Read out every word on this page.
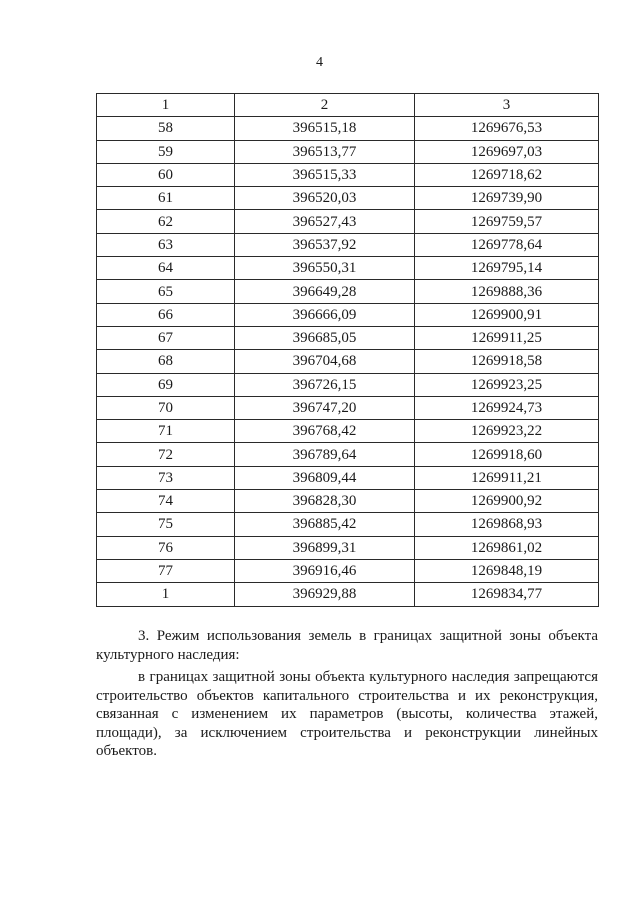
4
1	2	3
58	396515,18	1269676,53
59	396513,77	1269697,03
60	396515,33	1269718,62
61	396520,03	1269739,90
62	396527,43	1269759,57
63	396537,92	1269778,64
64	396550,31	1269795,14
65	396649,28	1269888,36
66	396666,09	1269900,91
67	396685,05	1269911,25
68	396704,68	1269918,58
69	396726,15	1269923,25
70	396747,20	1269924,73
71	396768,42	1269923,22
72	396789,64	1269918,60
73	396809,44	1269911,21
74	396828,30	1269900,92
75	396885,42	1269868,93
76	396899,31	1269861,02
77	396916,46	1269848,19
1	396929,88	1269834,77

3. Режим использования земель в границах защитной зоны объекта культурного наследия:

в границах защитной зоны объекта культурного наследия запрещаются строительство объектов капитального строительства и их реконструкция, связанная с изменением их параметров (высоты, количества этажей, площади), за исключением строительства и реконструкции линейных объектов.
